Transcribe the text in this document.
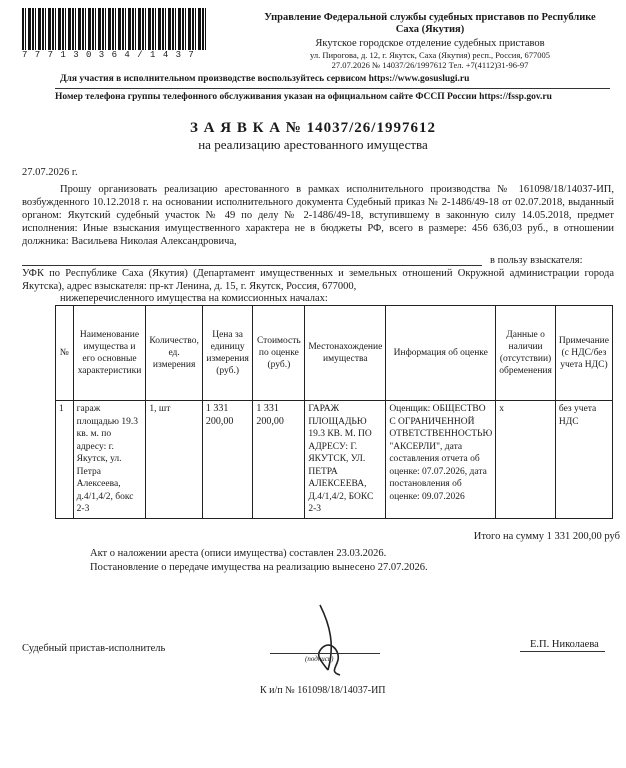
7 7 7 1 3 0 3 6 4 / 1 4 3 7
Управление Федеральной службы судебных приставов по Республике Саха (Якутия)
Якутское городское отделение судебных приставов
ул. Пирогова, д. 12, г. Якутск, Саха (Якутия) респ., Россия, 677005
27.07.2026 № 14037/26/1997612 Тел. +7(4112)31-96-97
Для участия в исполнительном производстве воспользуйтесь сервисом https://www.gosuslugi.ru
Номер телефона группы телефонного обслуживания указан на официальном сайте ФССП России https://fssp.gov.ru
З А Я В К А № 14037/26/1997612
на реализацию арестованного имущества
27.07.2026 г.
Прошу организовать реализацию арестованного в рамках исполнительного производства № 161098/18/14037-ИП, возбужденного 10.12.2018 г. на основании исполнительного документа Судебный приказ № 2-1486/49-18 от 02.07.2018, выданный органом: Якутский судебный участок № 49 по делу № 2-1486/49-18, вступившему в законную силу 14.05.2018, предмет исполнения: Иные взыскания имущественного характера не в бюджеты РФ, всего в размере: 456 636,03 руб., в отношении должника: Васильева Николая Александровича,
в пользу взыскателя:
УФК по Республике Саха (Якутия) (Департамент имущественных и земельных отношений Окружной администрации города Якутска), адрес взыскателя: пр-кт Ленина, д. 15, г. Якутск, Россия, 677000,
нижеперечисленного имущества на комиссионных началах:
№	Наименование имущества и его основные характеристики	Количество, ед. измерения	Цена за единицу измерения (руб.)	Стоимость по оценке (руб.)	Местонахождение имущества	Информация об оценке	Данные о наличии (отсутствии) обременения	Примечание (с НДС/без учета НДС)
1	гараж площадью 19.3 кв. м. по адресу: г. Якутск, ул. Петра Алексеева, д.4/1,4/2, бокс 2-3	1, шт	1 331 200,00	1 331 200,00	ГАРАЖ ПЛОЩАДЬЮ 19.3 КВ. М. ПО АДРЕСУ: Г. ЯКУТСК, УЛ. ПЕТРА АЛЕКСЕЕВА, Д.4/1,4/2, БОКС 2-3	Оценщик: ОБЩЕСТВО С ОГРАНИЧЕННОЙ ОТВЕТСТВЕННОСТЬЮ "АКСЕРЛИ", дата составления отчета об оценке: 07.07.2026, дата постановления об оценке: 09.07.2026	x	без учета НДС
Итого на сумму 1 331 200,00 руб
Акт о наложении ареста (описи имущества) составлен 23.03.2026.
Постановление о передаче имущества на реализацию вынесено 27.07.2026.
Судебный пристав-исполнитель
(подпись)
Е.П. Николаева
К и/п № 161098/18/14037-ИП
